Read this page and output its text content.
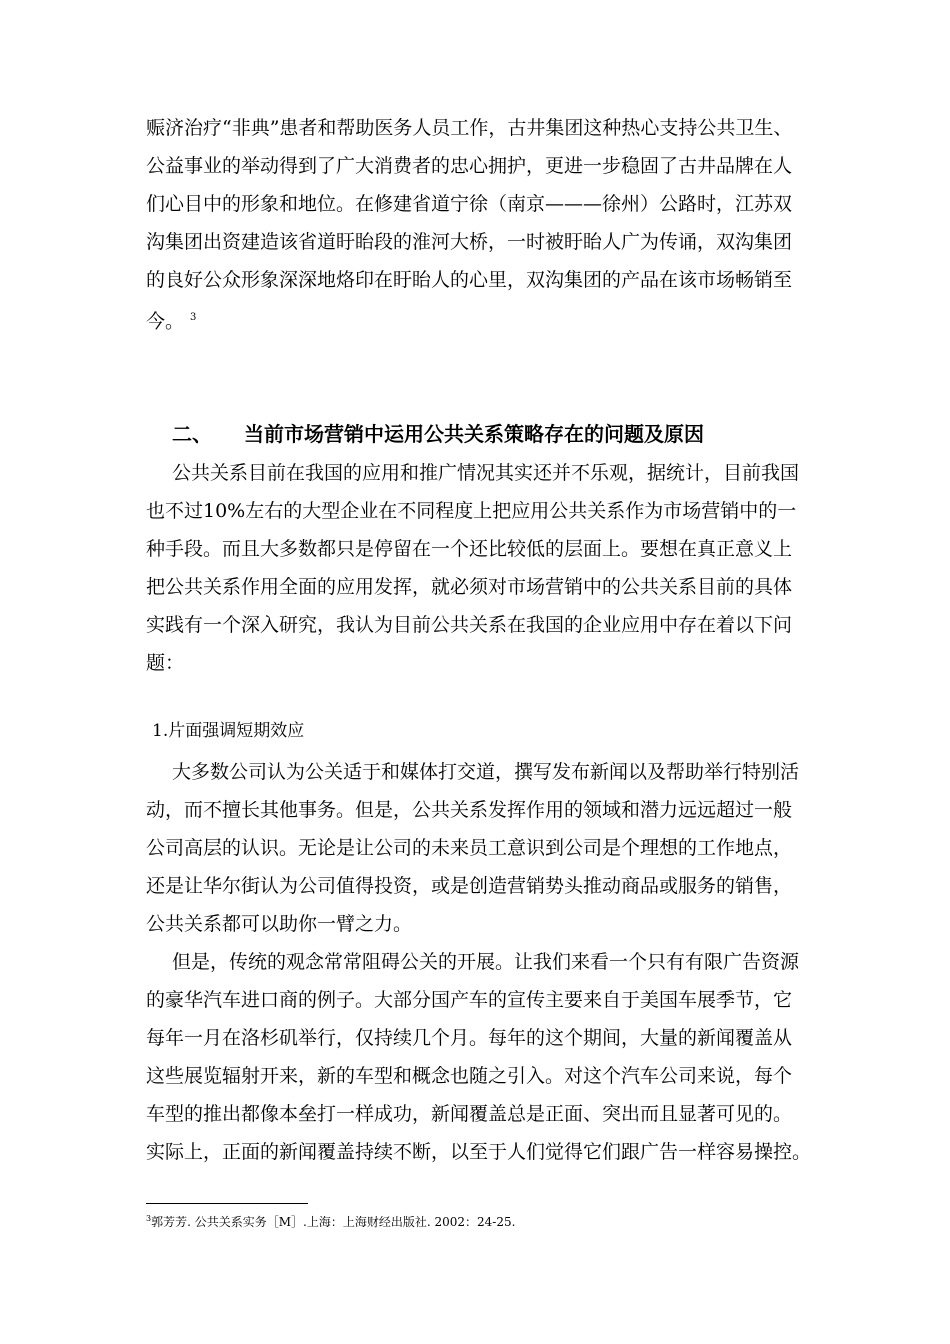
赈济治疗“非典”患者和帮助医务人员工作，古井集团这种热心支持公共卫生、

公益事业的举动得到了广大消费者的忠心拥护，更进一步稳固了古井品牌在人

们心目中的形象和地位。在修建省道宁徐（南京———徐州）公路时，江苏双

沟集团出资建造该省道盱眙段的淮河大桥，一时被盱眙人广为传诵，双沟集团

的良好公众形象深深地烙印在盱眙人的心里，双沟集团的产品在该市场畅销至

今。 $^3$

二、 当前市场营销中运用公共关系策略存在的问题及原因

公共关系目前在我国的应用和推广情况其实还并不乐观，据统计，目前我国

也不过10%左右的大型企业在不同程度上把应用公共关系作为市场营销中的一

种手段。而且大多数都只是停留在一个还比较低的层面上。要想在真正意义上

把公共关系作用全面的应用发挥，就必须对市场营销中的公共关系目前的具体

实践有一个深入研究，我认为目前公共关系在我国的企业应用中存在着以下问

题：

1.片面强调短期效应

大多数公司认为公关适于和媒体打交道，撰写发布新闻以及帮助举行特别活

动，而不擅长其他事务。但是，公共关系发挥作用的领域和潜力远远超过一般

公司高层的认识。无论是让公司的未来员工意识到公司是个理想的工作地点，

还是让华尔街认为公司值得投资，或是创造营销势头推动商品或服务的销售，

公共关系都可以助你一臂之力。

但是，传统的观念常常阻碍公关的开展。让我们来看一个只有有限广告资源

的豪华汽车进口商的例子。大部分国产车的宣传主要来自于美国车展季节，它

每年一月在洛杉矶举行，仅持续几个月。每年的这个期间，大量的新闻覆盖从

这些展览辐射开来，新的车型和概念也随之引入。对这个汽车公司来说，每个

车型的推出都像本垒打一样成功，新闻覆盖总是正面、突出而且显著可见的。

实际上，正面的新闻覆盖持续不断，以至于人们觉得它们跟广告一样容易操控。

$^3$郭芳芳. 公共关系实务［M］.上海：上海财经出版社. 2002：24-25.
